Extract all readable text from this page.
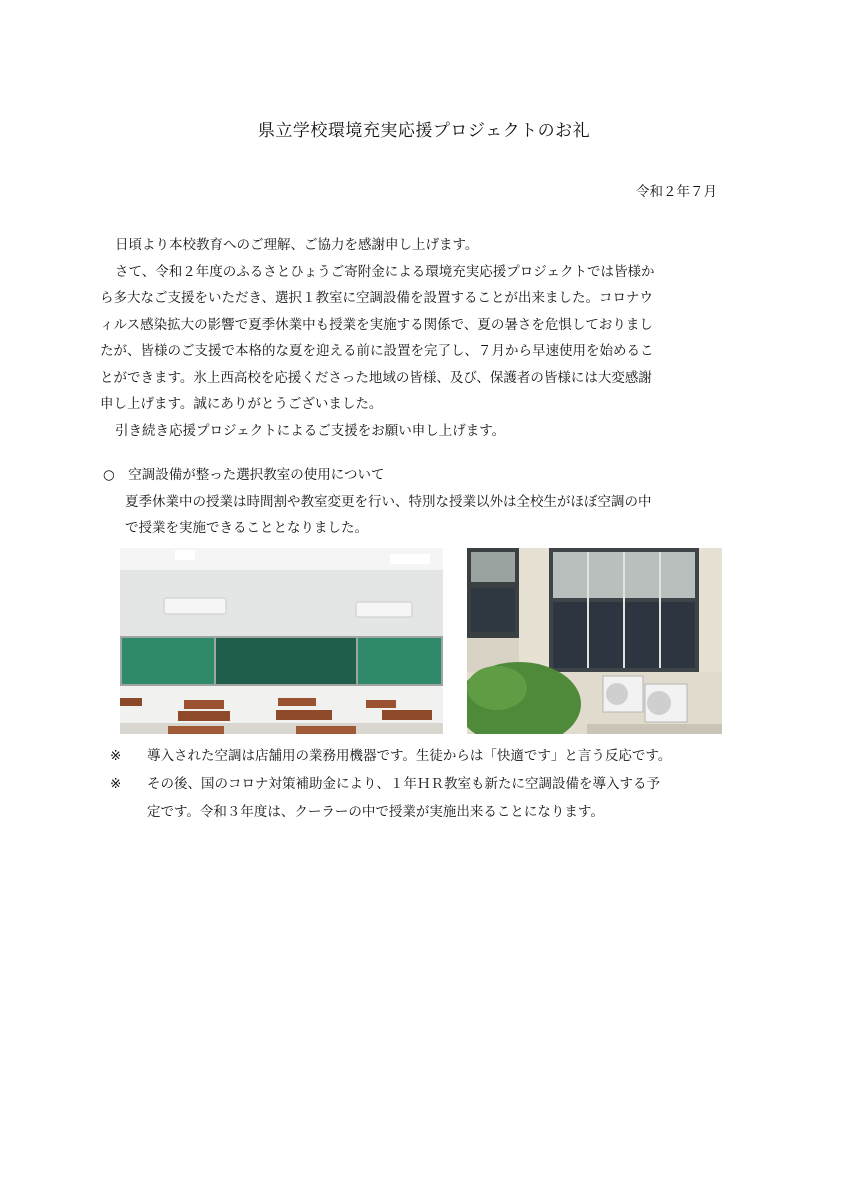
県立学校環境充実応援プロジェクトのお礼
令和２年７月
日頃より本校教育へのご理解、ご協力を感謝申し上げます。
さて、令和２年度のふるさとひょうご寄附金による環境充実応援プロジェクトでは皆様か
ら多大なご支援をいただき、選択１教室に空調設備を設置することが出来ました。コロナウ
ィルス感染拡大の影響で夏季休業中も授業を実施する関係で、夏の暑さを危惧しておりまし
たが、皆様のご支援で本格的な夏を迎える前に設置を完了し、７月から早速使用を始めるこ
とができます。氷上西高校を応援くださった地域の皆様、及び、保護者の皆様には大変感謝
申し上げます。誠にありがとうございました。
引き続き応援プロジェクトによるご支援をお願い申し上げます。
○　空調設備が整った選択教室の使用について
夏季休業中の授業は時間割や教室変更を行い、特別な授業以外は全校生がほぼ空調の中
で授業を実施できることとなりました。
※	導入された空調は店舗用の業務用機器です。生徒からは「快適です」と言う反応です。
※	その後、国のコロナ対策補助金により、１年ＨＲ教室も新たに空調設備を導入する予
定です。令和３年度は、クーラーの中で授業が実施出来ることになります。
